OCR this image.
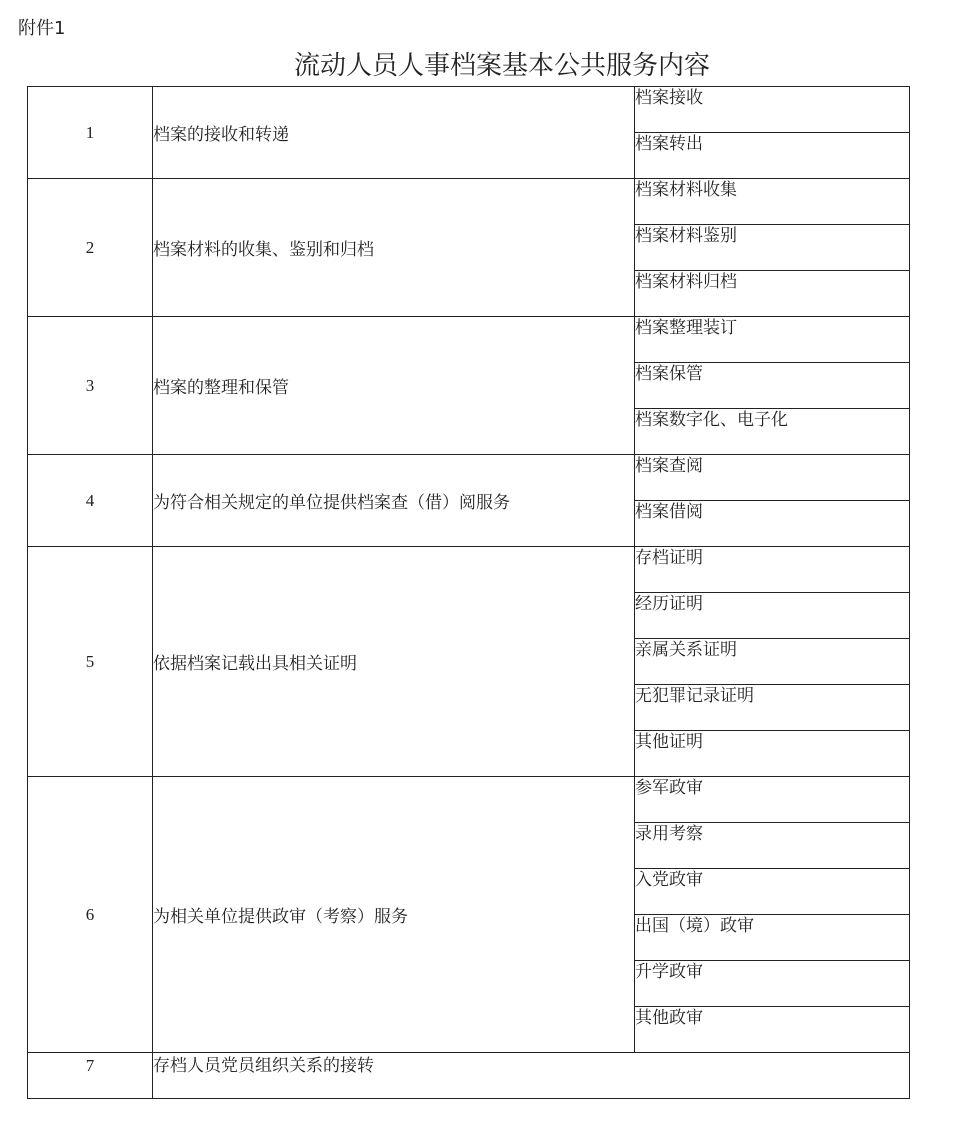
附件1
流动人员人事档案基本公共服务内容
1	档案的接收和转递	档案接收
		档案转出
2	档案材料的收集、鉴别和归档	档案材料收集
		档案材料鉴别
		档案材料归档
3	档案的整理和保管	档案整理装订
		档案保管
		档案数字化、电子化
4	为符合相关规定的单位提供档案查（借）阅服务	档案查阅
		档案借阅
5	依据档案记载出具相关证明	存档证明
		经历证明
		亲属关系证明
		无犯罪记录证明
		其他证明
6	为相关单位提供政审（考察）服务	参军政审
		录用考察
		入党政审
		出国（境）政审
		升学政审
		其他政审
7	存档人员党员组织关系的接转	
